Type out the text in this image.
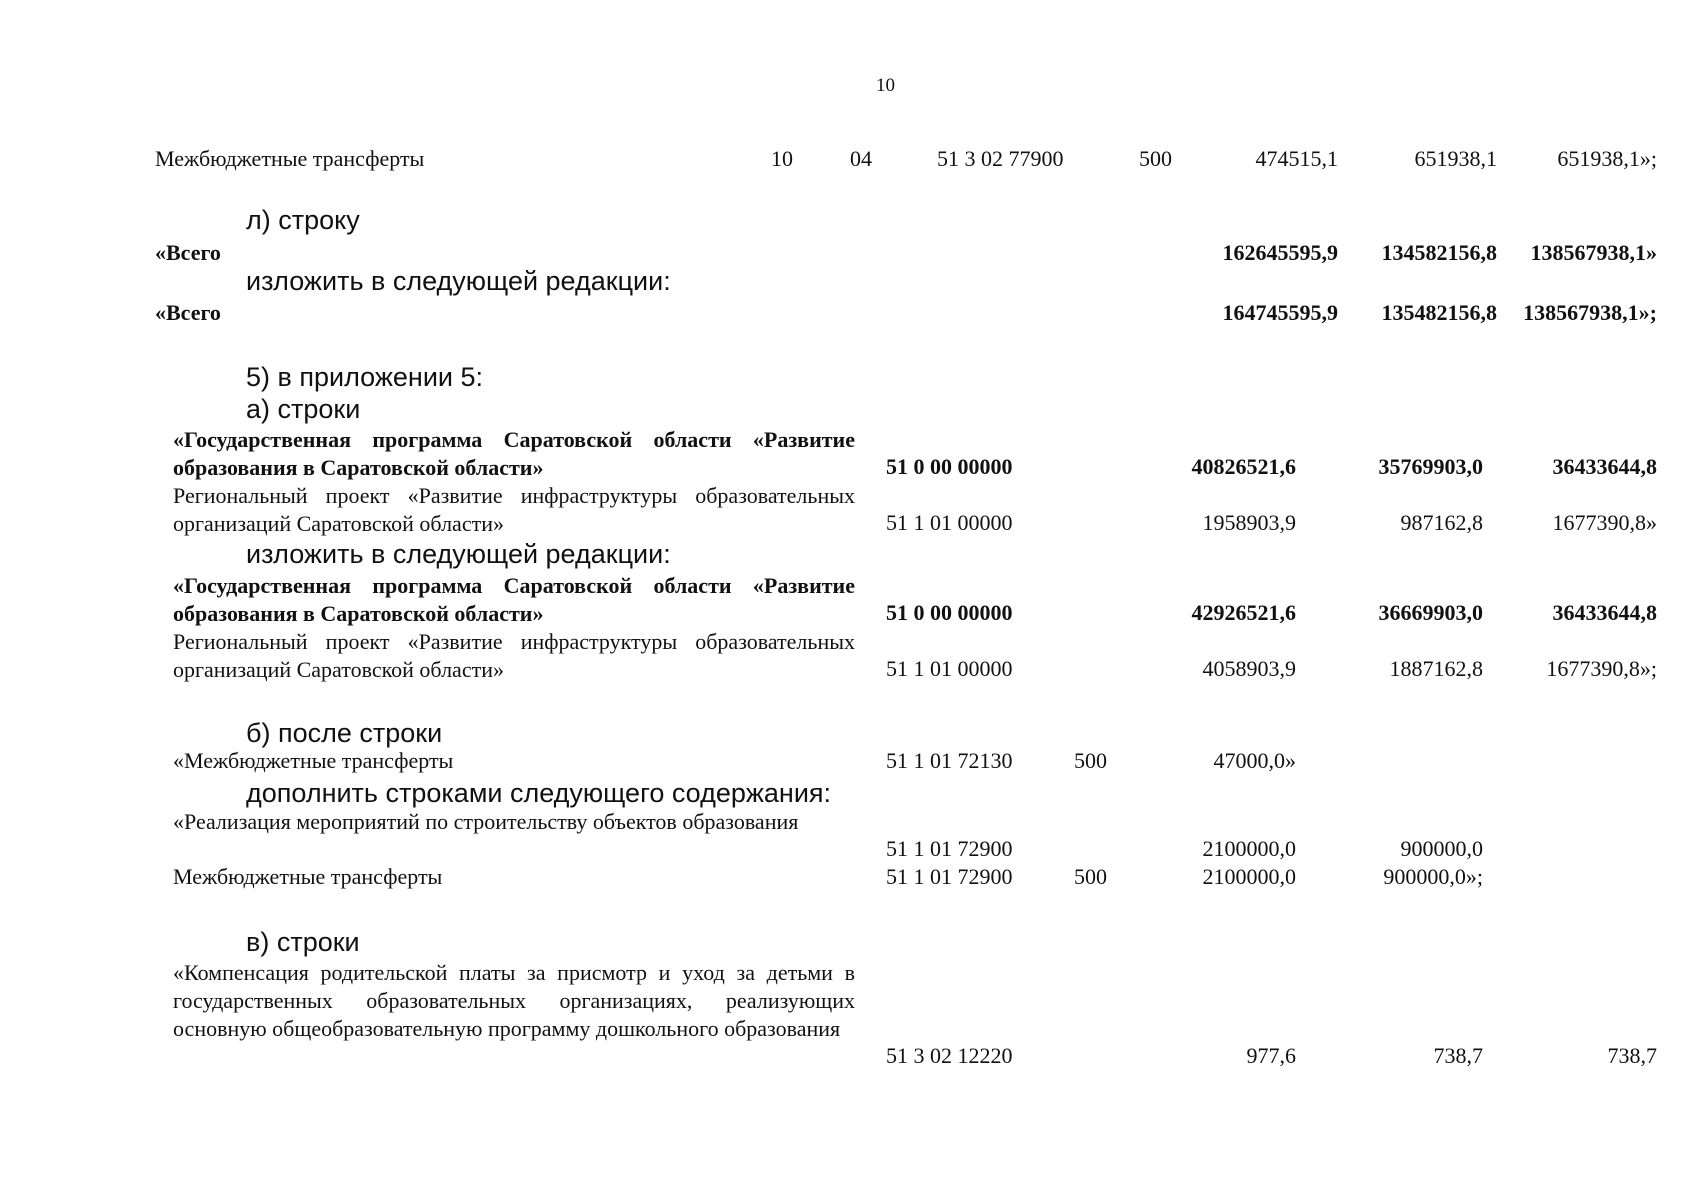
10
Межбюджетные трансферты	10	04	51 3 02 77900	500	474515,1	651938,1	651938,1»;
л) строку
«Всего	162645595,9 134582156,8 138567938,1»
изложить в следующей редакции:
«Всего	164745595,9 135482156,8 138567938,1»;
5) в приложении 5:
а) строки
«Государственная программа Саратовской области «Развитие образования в Саратовской области»	51 0 00 00000	40826521,6	35769903,0	36433644,8
Региональный проект «Развитие инфраструктуры образовательных организаций Саратовской области»	51 1 01 00000	1958903,9	987162,8	1677390,8»
изложить в следующей редакции:
«Государственная программа Саратовской области «Развитие образования в Саратовской области»	51 0 00 00000	42926521,6	36669903,0	36433644,8
Региональный проект «Развитие инфраструктуры образовательных организаций Саратовской области»	51 1 01 00000	4058903,9	1887162,8	1677390,8»;
б) после строки
«Межбюджетные трансферты	51 1 01 72130	500	47000,0»
дополнить строками следующего содержания:
«Реализация мероприятий по строительству объектов образования
51 1 01 72900	2100000,0	900000,0
Межбюджетные трансферты	51 1 01 72900	500	2100000,0	900000,0»;
в) строки
«Компенсация родительской платы за присмотр и уход за детьми в государственных образовательных организациях, реализующих основную общеобразовательную программу дошкольного образования
51 3 02 12220	977,6	738,7	738,7
